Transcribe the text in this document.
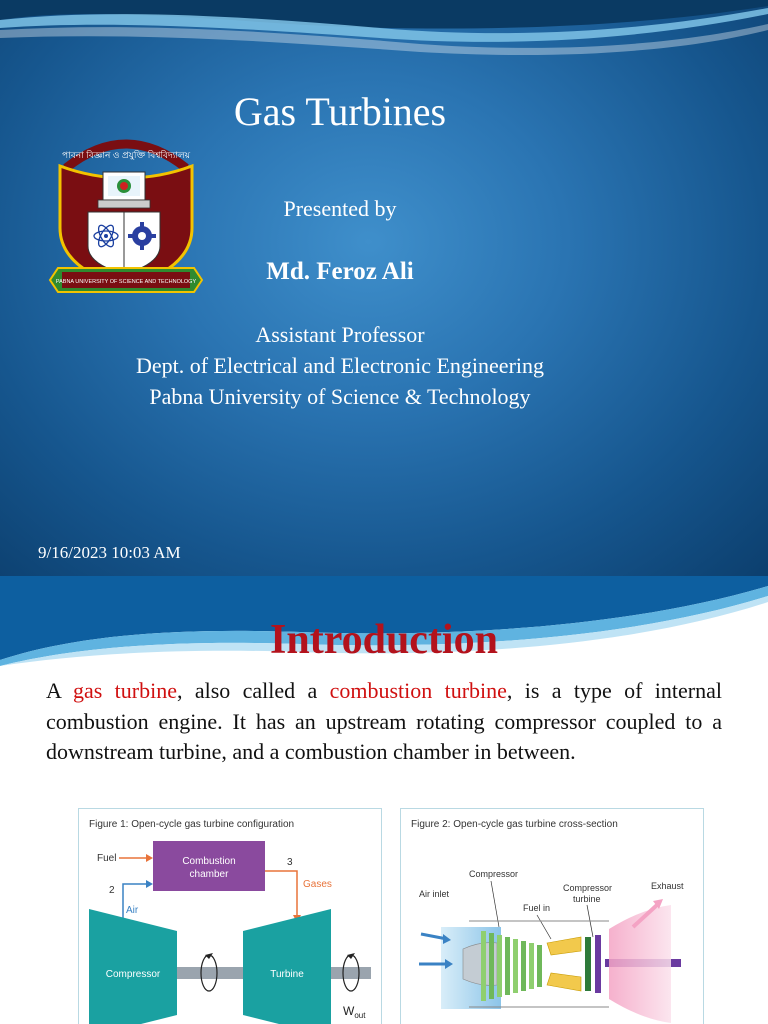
পাবনা বিজ্ঞান ও প্রযুক্তি বিশ্ববিদ্যালয়
PABNA UNIVERSITY OF SCIENCE AND TECHNOLOGY
Gas Turbines
Presented by
Md. Feroz Ali
Assistant Professor
Dept. of Electrical and Electronic Engineering
Pabna University of Science & Technology
9/16/2023 10:03 AM
Introduction
A gas turbine, also called a combustion turbine, is a type of internal combustion engine. It has an upstream rotating compressor coupled to a downstream turbine, and a combustion chamber in between.
Figure 1: Open-cycle gas turbine configuration
Combustion
chamber
Fuel
2
Air
3
Gases
Compressor	Turbine
$W_{out}$
Figure 2: Open-cycle gas turbine cross-section
Compressor
Compressor
turbine
Exhaust
Air inlet
Fuel in
